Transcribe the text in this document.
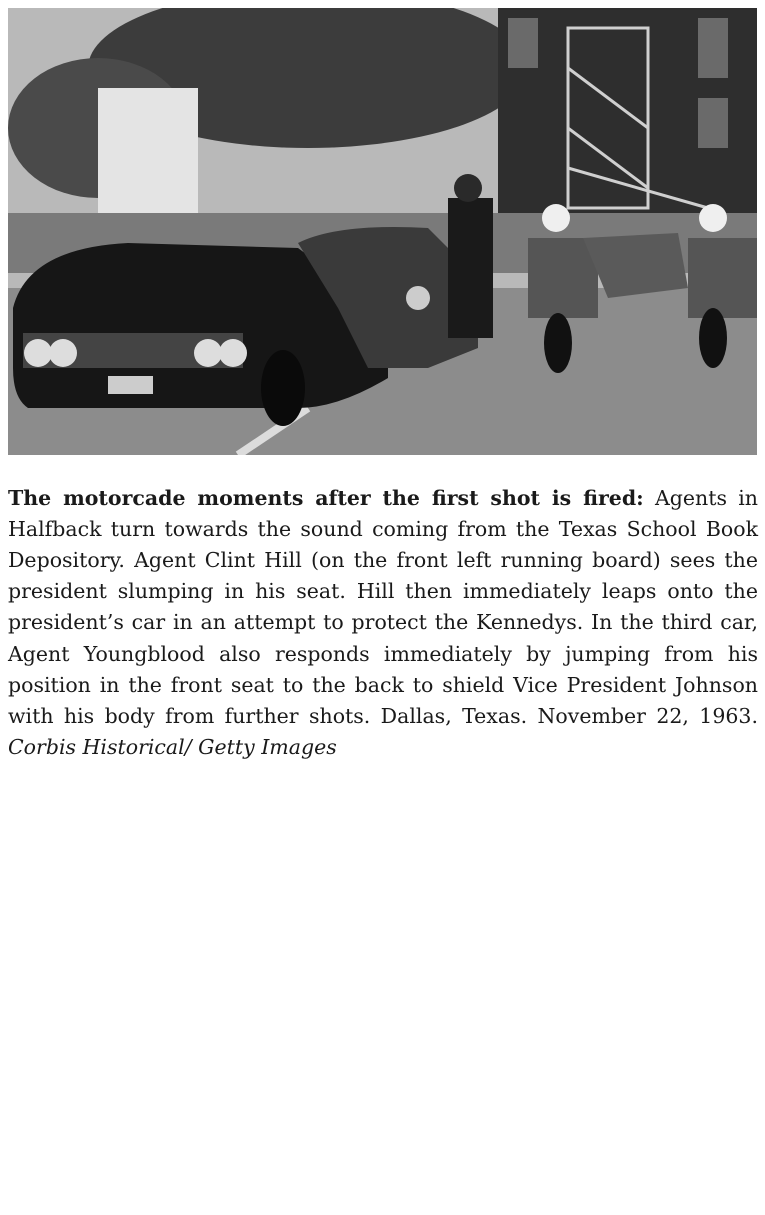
The motorcade moments after the first shot is fired: Agents in Halfback turn towards the sound coming from the Texas School Book Depository. Agent Clint Hill (on the front left running board) sees the president slumping in his seat. Hill then immediately leaps onto the president’s car in an attempt to protect the Kennedys. In the third car, Agent Youngblood also responds immediately by jumping from his position in the front seat to the back to shield Vice President Johnson with his body from further shots. Dallas, Texas. November 22, 1963. Corbis Historical/ Getty Images
